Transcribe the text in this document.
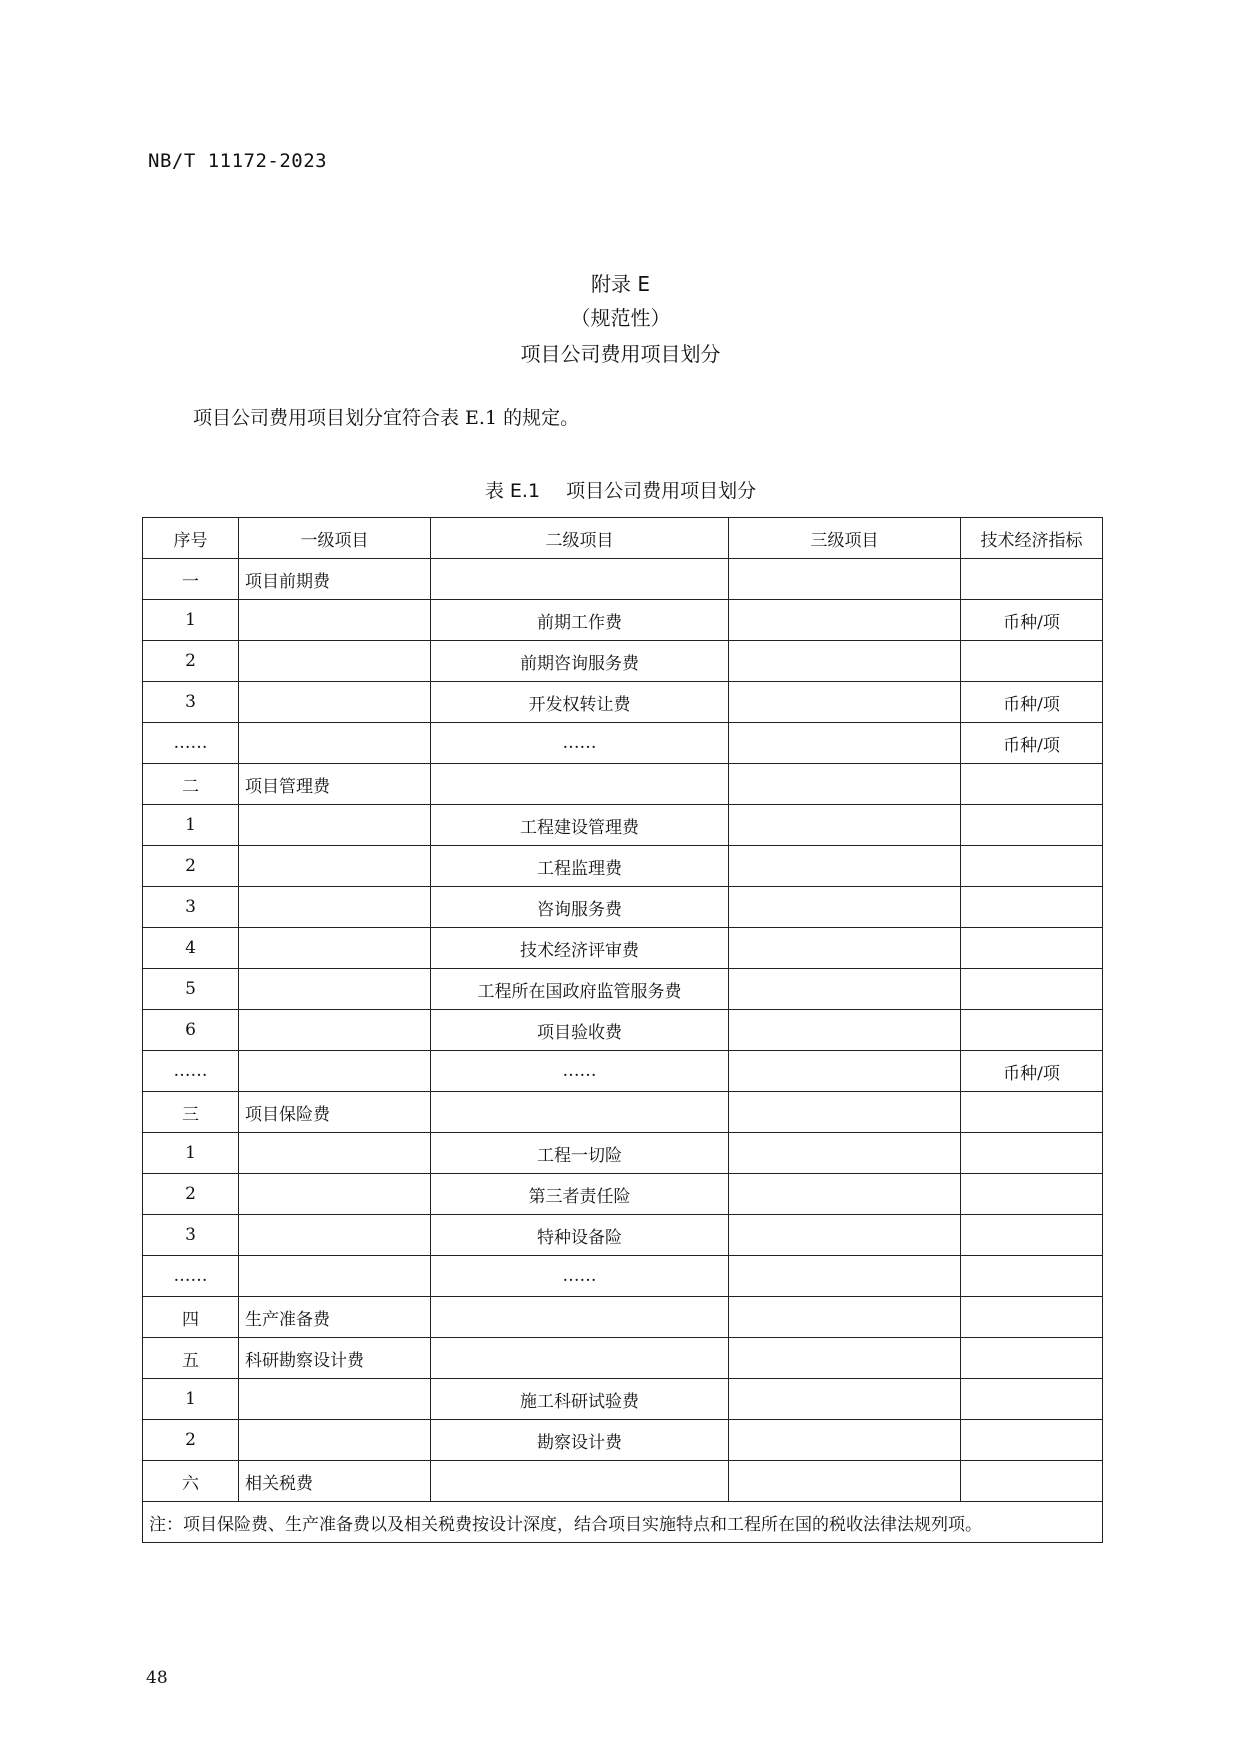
NB/T 11172-2023
附录 E
（规范性）
项目公司费用项目划分
项目公司费用项目划分宜符合表 E.1 的规定。
表 E.1 项目公司费用项目划分
序号	一级项目	二级项目	三级项目	技术经济指标
一	项目前期费			
1		前期工作费		币种/项
2		前期咨询服务费		
3		开发权转让费		币种/项
……		……		币种/项
二	项目管理费			
1		工程建设管理费		
2		工程监理费		
3		咨询服务费		
4		技术经济评审费		
5		工程所在国政府监管服务费		
6		项目验收费		
……		……		币种/项
三	项目保险费			
1		工程一切险		
2		第三者责任险		
3		特种设备险		
……		……		
四	生产准备费			
五	科研勘察设计费			
1		施工科研试验费		
2		勘察设计费		
六	相关税费			
注：项目保险费、生产准备费以及相关税费按设计深度，结合项目实施特点和工程所在国的税收法律法规列项。				
48
